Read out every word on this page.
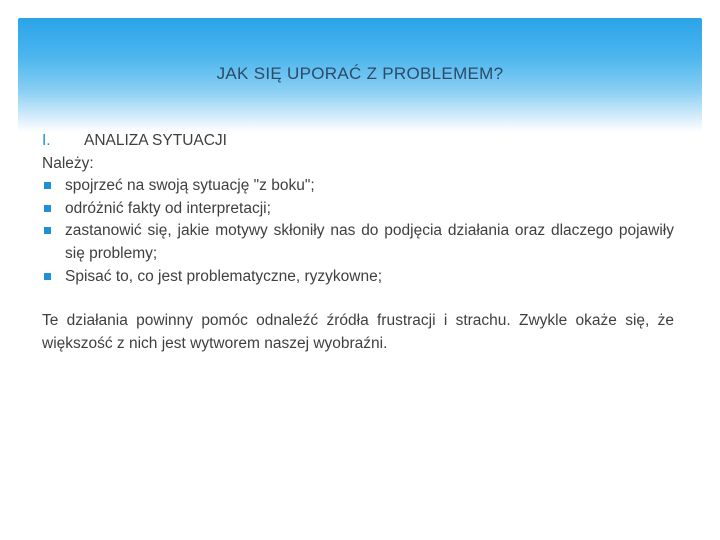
JAK SIĘ UPORAĆ Z PROBLEMEM?
I. ANALIZA SYTUACJI
Należy:
spojrzeć na swoją sytuację "z boku";
odróżnić fakty od interpretacji;
zastanowić się, jakie motywy skłoniły nas do podjęcia działania oraz dlaczego pojawiły się problemy;
Spisać to, co jest problematyczne, ryzykowne;
Te działania powinny pomóc odnaleźć źródła frustracji i strachu. Zwykle okaże się, że większość z nich jest wytworem naszej wyobraźni.
